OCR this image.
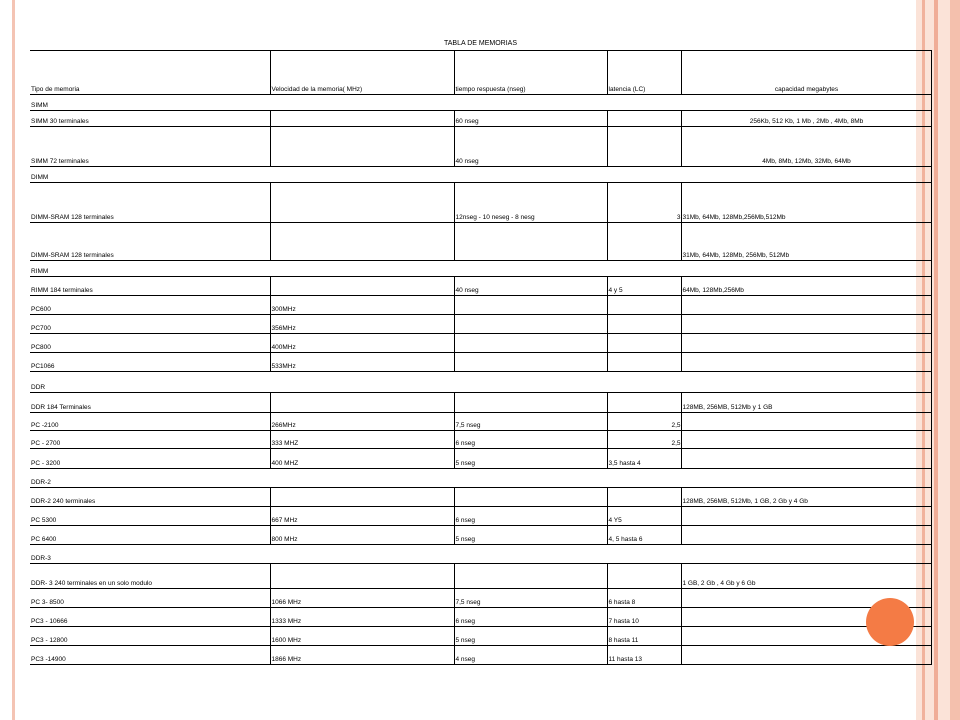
TABLA DE MEMORIAS
Tipo de memoria	Velocidad de la memoria( MHz)	tiempo respuesta (nseg)	latencia (LC)	capacidad megabytes
SIMM				
SIMM 30 terminales		60 nseg		256Kb, 512 Kb, 1 Mb , 2Mb , 4Mb, 8Mb
SIMM 72 terminales		40 nseg		4Mb, 8Mb, 12Mb, 32Mb, 64Mb
DIMM				
DIMM-SRAM 128 terminales		12nseg - 10 neseg - 8 nesg	3	31Mb, 64Mb, 128Mb,256Mb,512Mb
DIMM-SRAM 128 terminales				31Mb, 64Mb, 128Mb, 256Mb, 512Mb
RIMM				
RIMM 184 terminales		40 nseg	4 y 5	64Mb, 128Mb,256Mb
PC600	300MHz			
PC700	356MHz			
PC800	400MHz			
PC1066	533MHz			
DDR				
DDR 184 Terminales				128MB, 256MB, 512Mb y 1 GB
PC -2100	266MHz	7,5 nseg	2,5	
PC - 2700	333 MHZ	6 nseg	2,5	
PC - 3200	400 MHZ	5 nseg	3,5 hasta 4	
DDR-2				
DDR-2 240 terminales				128MB, 256MB, 512Mb, 1 GB, 2 Gb y 4 Gb
PC 5300	667 MHz	6 nseg	4 Y5	
PC 6400	800 MHz	5 nseg	4, 5 hasta 6	
DDR-3				
DDR- 3 240 terminales en un solo modulo				1 GB, 2 Gb , 4 Gb y 6 Gb
PC 3- 8500	1066 MHz	7,5 nseg	6 hasta 8	
PC3 - 10666	1333 MHz	6 nseg	7 hasta 10	
PC3 - 12800	1600 MHz	5 nseg	8 hasta 11	
PC3 -14900	1866 MHz	4 nseg	11 hasta 13	
